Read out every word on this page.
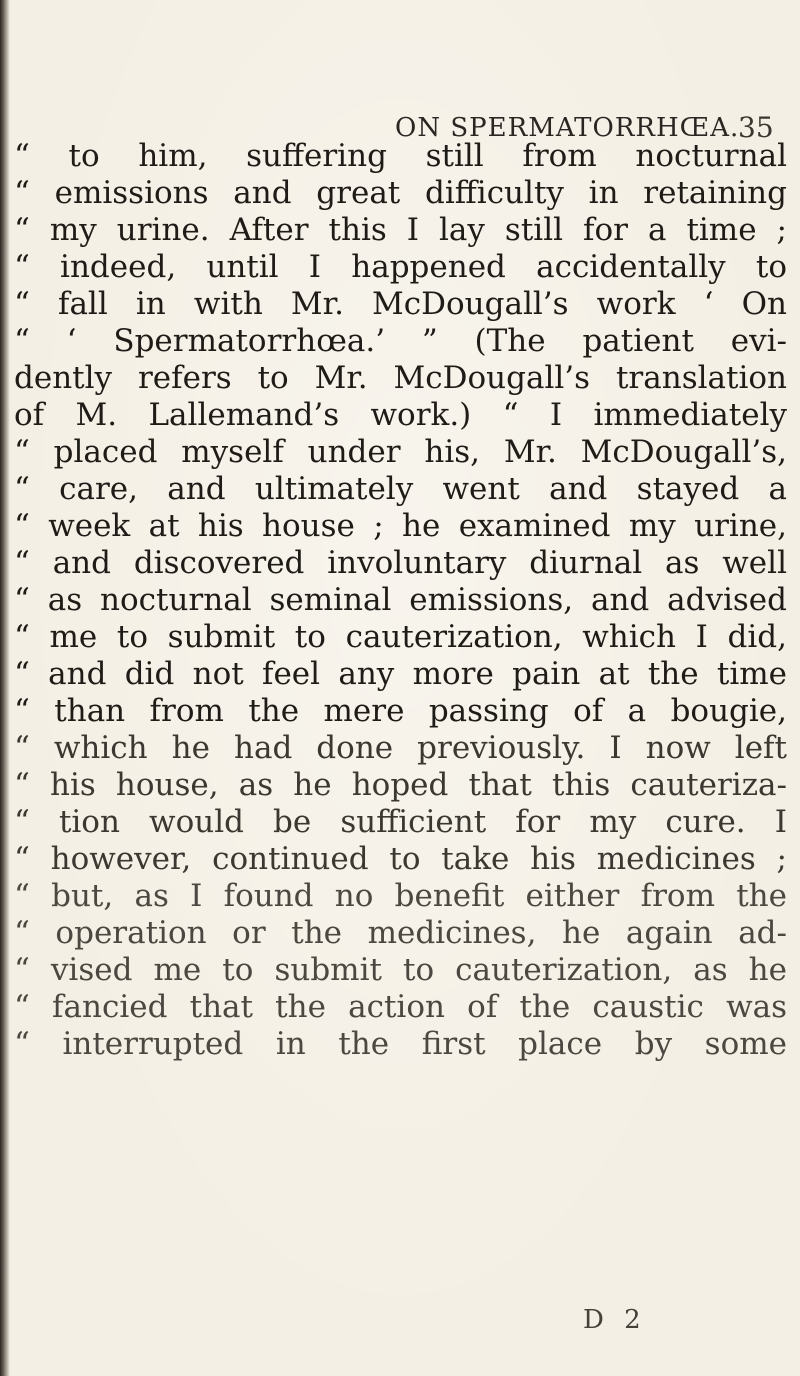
ON SPERMATORRHŒA.
35
“ to him, suffering still from nocturnal
“ emissions and great difficulty in retaining
“ my urine. After this I lay still for a time ;
“ indeed, until I happened accidentally to
“ fall in with Mr. McDougall’s work ‘ On
“ ‘ Spermatorrhœa.’ ” (The patient evi-
dently refers to Mr. McDougall’s translation
of M. Lallemand’s work.) “ I immediately
“ placed myself under his, Mr. McDougall’s,
“ care, and ultimately went and stayed a
“ week at his house ; he examined my urine,
“ and discovered involuntary diurnal as well
“ as nocturnal seminal emissions, and advised
“ me to submit to cauterization, which I did,
“ and did not feel any more pain at the time
“ than from the mere passing of a bougie,
“ which he had done previously. I now left
“ his house, as he hoped that this cauteriza-
“ tion would be sufficient for my cure. I
“ however, continued to take his medicines ;
“ but, as I found no benefit either from the
“ operation or the medicines, he again ad-
“ vised me to submit to cauterization, as he
“ fancied that the action of the caustic was
“ interrupted in the first place by some
D 2
